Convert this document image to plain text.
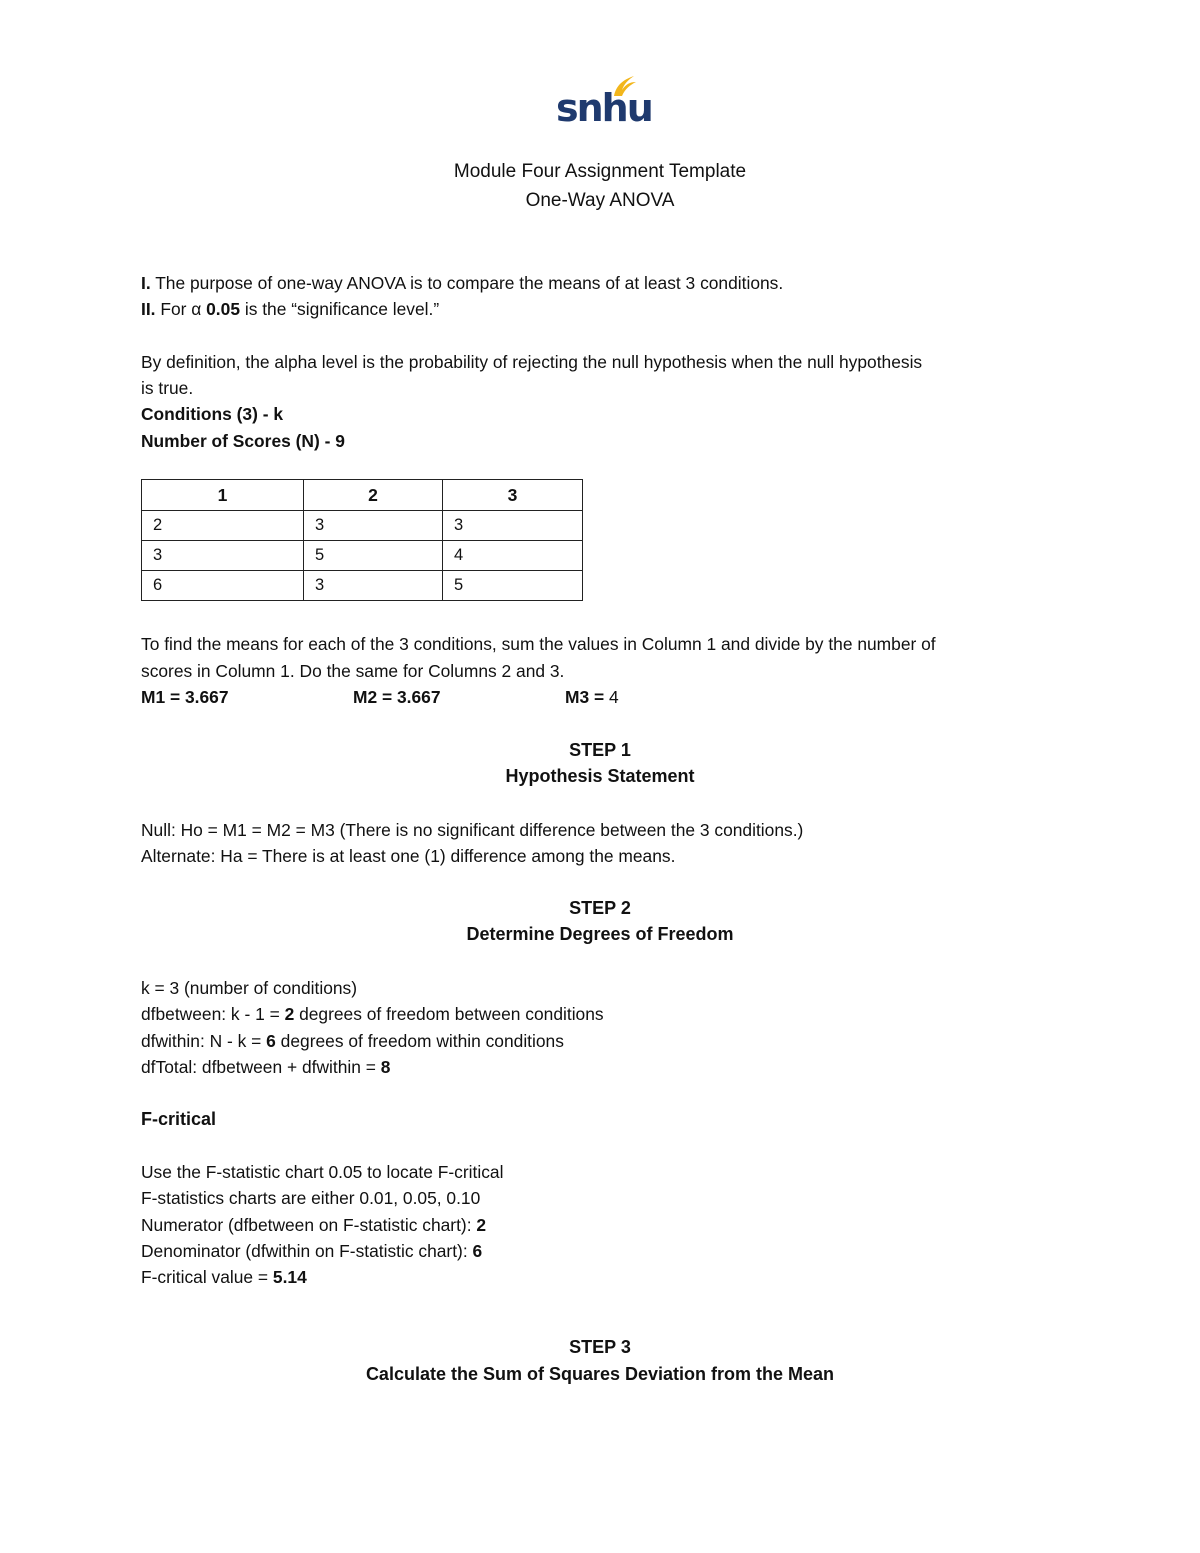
snhu
Module Four Assignment Template
One-Way ANOVA
I. The purpose of one-way ANOVA is to compare the means of at least 3 conditions.
II. For α 0.05 is the “significance level.”
By definition, the alpha level is the probability of rejecting the null hypothesis when the null hypothesis
is true.
Conditions (3) - k
Number of Scores (N) - 9
1	2	3
2	3	3
3	5	4
6	3	5
To find the means for each of the 3 conditions, sum the values in Column 1 and divide by the number of
scores in Column 1. Do the same for Columns 2 and 3.
M1 = 3.667	M2 = 3.667	M3 = 4
STEP 1
Hypothesis Statement
Null: Ho = M1 = M2 = M3 (There is no significant difference between the 3 conditions.)
Alternate: Ha = There is at least one (1) difference among the means.
STEP 2
Determine Degrees of Freedom
k = 3 (number of conditions)
dfbetween: k - 1 = 2 degrees of freedom between conditions
dfwithin: N - k = 6 degrees of freedom within conditions
dfTotal: dfbetween + dfwithin = 8
F-critical
Use the F-statistic chart 0.05 to locate F-critical
F-statistics charts are either 0.01, 0.05, 0.10
Numerator (dfbetween on F-statistic chart): 2
Denominator (dfwithin on F-statistic chart): 6
F-critical value = 5.14
STEP 3
Calculate the Sum of Squares Deviation from the Mean
